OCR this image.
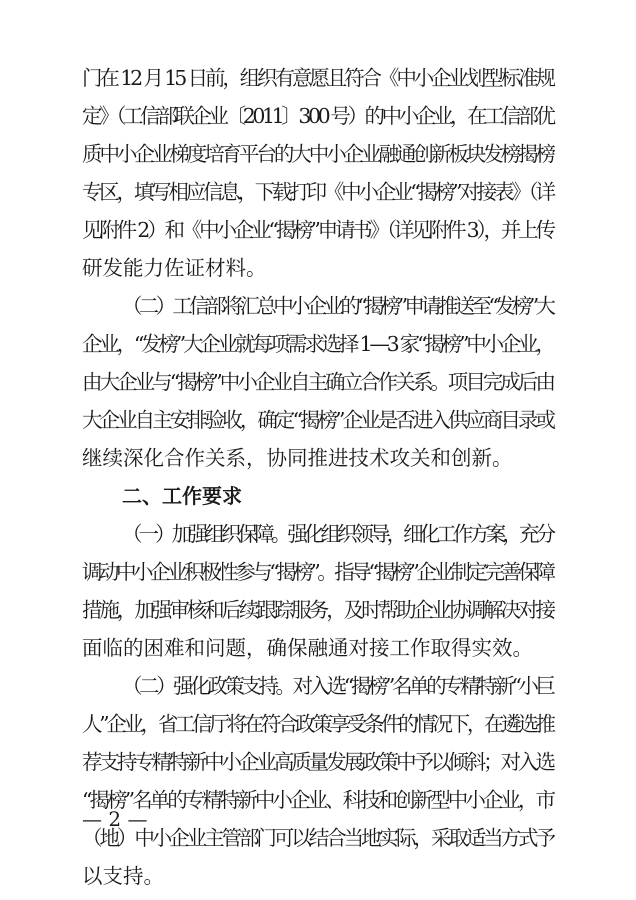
门在 12 月 15 日前，组织有意愿且符合《中小企业划型标准规
定》（工信部联企业〔2011〕300 号）的中小企业，在工信部优
质中小企业梯度培育平台的大中小企业融通创新板块发榜揭榜
专区，填写相应信息，下载打印《中小企业“揭榜”对接表》（详
见附件 2）和《中小企业“揭榜”申请书》（详见附件 3），并上传
研发能力佐证材料。
（二）工信部将汇总中小企业的“揭榜”申请推送至“发榜”大
企业，“发榜”大企业就每项需求选择 1—3 家“揭榜”中小企业，
由大企业与“揭榜”中小企业自主确立合作关系。项目完成后由
大企业自主安排验收，确定“揭榜”企业是否进入供应商目录或
继续深化合作关系，协同推进技术攻关和创新。
二、工作要求
（一）加强组织保障。强化组织领导，细化工作方案，充分
调动中小企业积极性参与“揭榜”。指导“揭榜”企业制定完善保障
措施，加强审核和后续跟踪服务，及时帮助企业协调解决对接
面临的困难和问题，确保融通对接工作取得实效。
（二）强化政策支持。对入选“揭榜”名单的专精特新“小巨
人”企业，省工信厅将在符合政策享受条件的情况下，在遴选推
荐支持专精特新中小企业高质量发展政策中予以倾斜；对入选
“揭榜”名单的专精特新中小企业、科技和创新型中小企业，市
（地）中小企业主管部门可以结合当地实际，采取适当方式予
以支持。
— 2 —
